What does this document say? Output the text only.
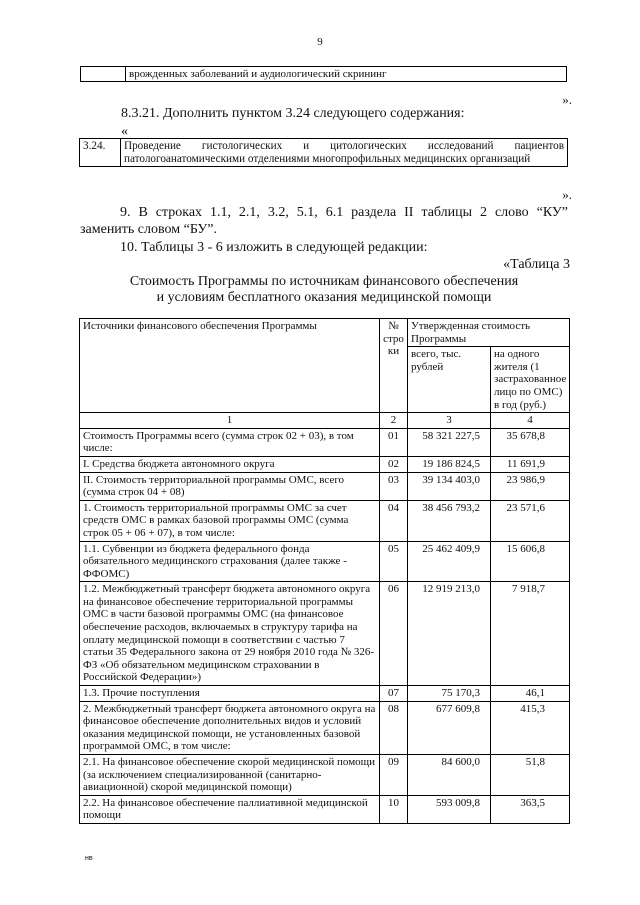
9
	врожденных заболеваний и аудиологический скрининг
».
8.3.21. Дополнить пунктом 3.24 следующего содержания:
«
3.24.	Проведение гистологических и цитологических исследований пациентов патологоанатомическими отделениями многопрофильных медицинских организаций
».
9. В строках 1.1, 2.1, 3.2, 5.1, 6.1 раздела II таблицы 2 слово “КУ” заменить словом “БУ”.
10. Таблицы 3 - 6 изложить в следующей редакции:
«Таблица 3
Стоимость Программы по источникам финансового обеспечения
и условиям бесплатного оказания медицинской помощи
Источники финансового обеспечения Программы	№ стро ки	Утвержденная стоимость Программы	
		всего, тыс. рублей	на одного жителя (1 застрахованное лицо по ОМС) в год (руб.)
1	2	3	4
Стоимость Программы всего (сумма строк 02 + 03), в том числе:	01	58 321 227,5	35 678,8
I. Средства бюджета автономного округа	02	19 186 824,5	11 691,9
II. Стоимость территориальной программы ОМС, всего (сумма строк 04 + 08)	03	39 134 403,0	23 986,9
1. Стоимость территориальной программы ОМС за счет средств ОМС в рамках базовой программы ОМС (сумма строк 05 + 06 + 07), в том числе:	04	38 456 793,2	23 571,6
1.1. Субвенции из бюджета федерального фонда обязательного медицинского страхования (далее также - ФФОМС)	05	25 462 409,9	15 606,8
1.2. Межбюджетный трансферт бюджета автономного округа на финансовое обеспечение территориальной программы ОМС в части базовой программы ОМС (на финансовое обеспечение расходов, включаемых в структуру тарифа на оплату медицинской помощи в соответствии с частью 7 статьи 35 Федерального закона от 29 ноября 2010 года № 326-ФЗ «Об обязательном медицинском страховании в Российской Федерации»)	06	12 919 213,0	7 918,7
1.3. Прочие поступления	07	75 170,3	46,1
2. Межбюджетный трансферт бюджета автономного округа на финансовое обеспечение дополнительных видов и условий оказания медицинской помощи, не установленных базовой программой ОМС, в том числе:	08	677 609,8	415,3
2.1. На финансовое обеспечение скорой медицинской помощи (за исключением специализированной (санитарно-авиационной) скорой медицинской помощи)	09	84 600,0	51,8
2.2. На финансовое обеспечение паллиативной медицинской помощи	10	593 009,8	363,5
нв
